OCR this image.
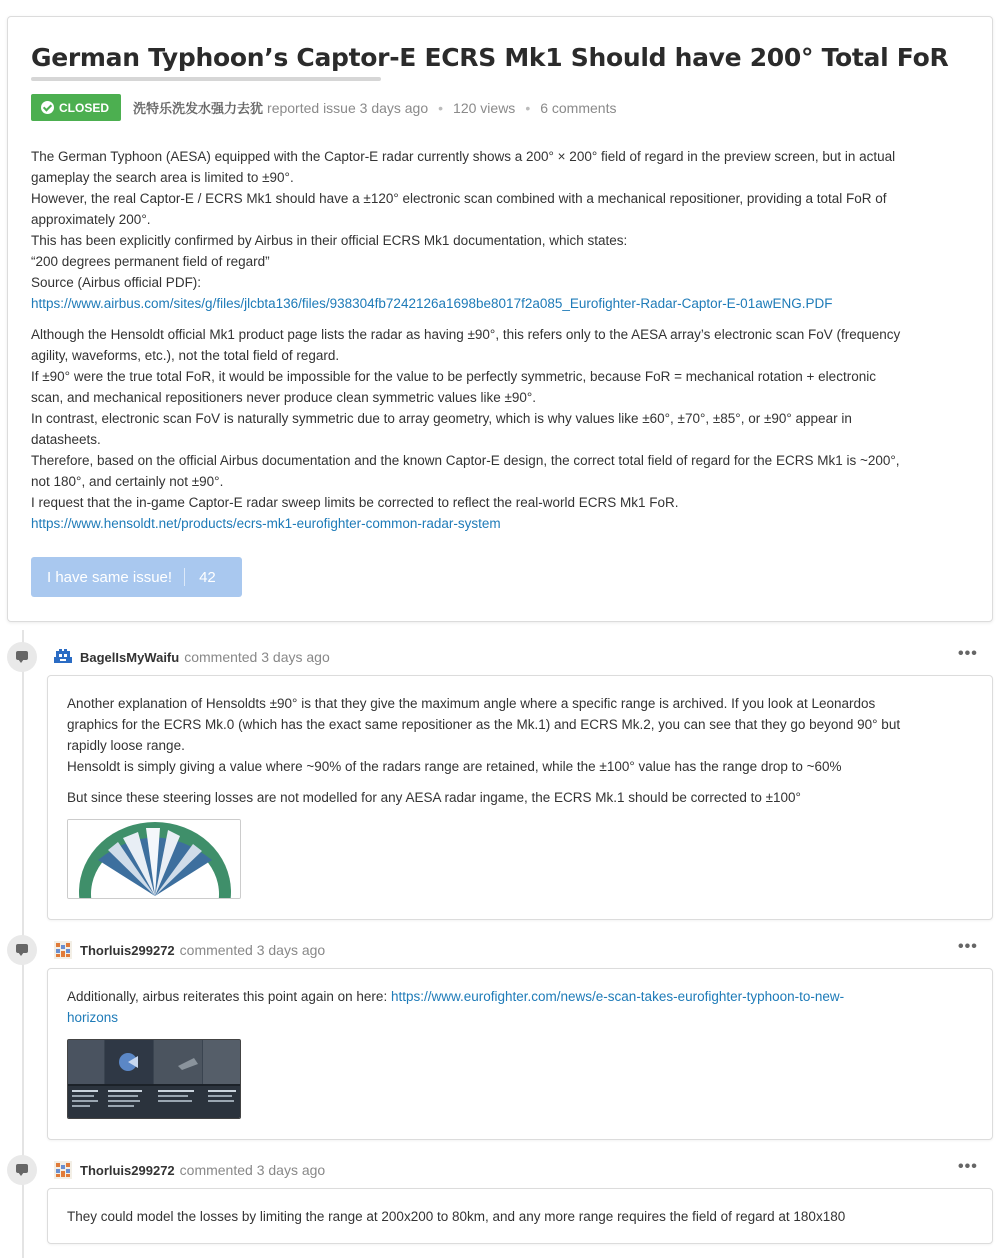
German Typhoon’s Captor-E ECRS Mk1 Should have 200° Total FoR
CLOSED 洗特乐洗发水强力去犹 reported issue 3 days ago • 120 views • 6 comments

The German Typhoon (AESA) equipped with the Captor-E radar currently shows a 200° × 200° field of regard in the preview screen, but in actual

gameplay the search area is limited to ±90°.

However, the real Captor-E / ECRS Mk1 should have a ±120° electronic scan combined with a mechanical repositioner, providing a total FoR of

approximately 200°.

This has been explicitly confirmed by Airbus in their official ECRS Mk1 documentation, which states:

“200 degrees permanent field of regard”

Source (Airbus official PDF):

https://www.airbus.com/sites/g/files/jlcbta136/files/938304fb7242126a1698be8017f2a085_Eurofighter-Radar-Captor-E-01awENG.PDF

Although the Hensoldt official Mk1 product page lists the radar as having ±90°, this refers only to the AESA array’s electronic scan FoV (frequency

agility, waveforms, etc.), not the total field of regard.

If ±90° were the true total FoR, it would be impossible for the value to be perfectly symmetric, because FoR = mechanical rotation + electronic

scan, and mechanical repositioners never produce clean symmetric values like ±90°.

In contrast, electronic scan FoV is naturally symmetric due to array geometry, which is why values like ±60°, ±70°, ±85°, or ±90° appear in

datasheets.

Therefore, based on the official Airbus documentation and the known Captor-E design, the correct total field of regard for the ECRS Mk1 is ~200°,

not 180°, and certainly not ±90°.

I request that the in-game Captor-E radar sweep limits be corrected to reflect the real-world ECRS Mk1 FoR.

https://www.hensoldt.net/products/ecrs-mk1-eurofighter-common-radar-system

I have same issue! 42
BagelIsMyWaifu commented 3 days ago	•••

Another explanation of Hensoldts ±90° is that they give the maximum angle where a specific range is archived. If you look at Leonardos

graphics for the ECRS Mk.0 (which has the exact same repositioner as the Mk.1) and ECRS Mk.2, you can see that they go beyond 90° but

rapidly loose range.

Hensoldt is simply giving a value where ~90% of the radars range are retained, while the ±100° value has the range drop to ~60%

But since these steering losses are not modelled for any AESA radar ingame, the ECRS Mk.1 should be corrected to ±100°

Thorluis299272 commented 3 days ago	•••

Additionally, airbus reiterates this point again on here: https://www.eurofighter.com/news/e-scan-takes-eurofighter-typhoon-to-new-

horizons

Thorluis299272 commented 3 days ago	•••

They could model the losses by limiting the range at 200x200 to 80km, and any more range requires the field of regard at 180x180
